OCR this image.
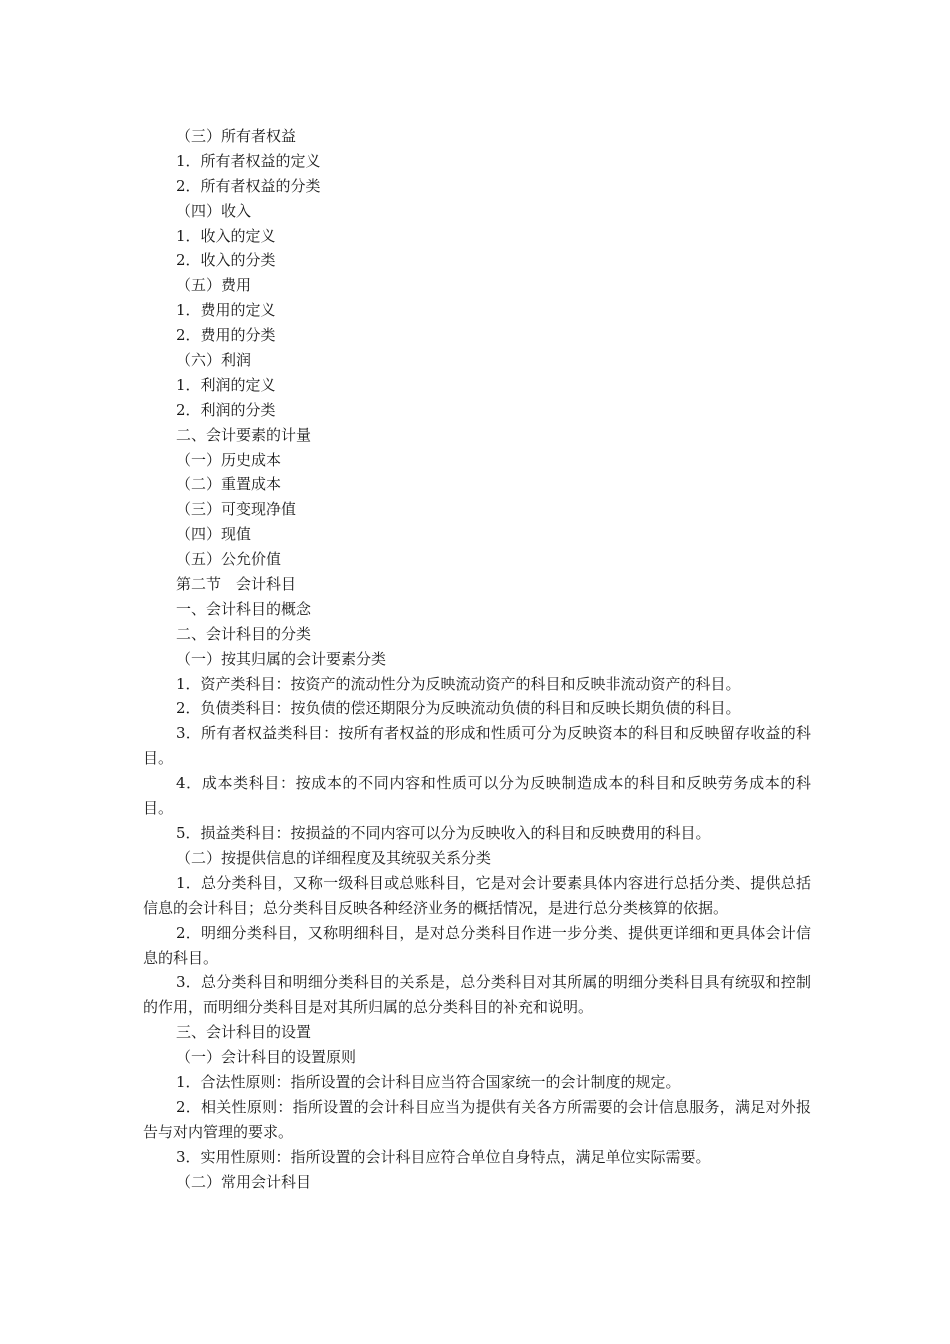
（三）所有者权益
1．所有者权益的定义
2．所有者权益的分类
（四）收入
1．收入的定义
2．收入的分类
（五）费用
1．费用的定义
2．费用的分类
（六）利润
1．利润的定义
2．利润的分类
二、会计要素的计量
（一）历史成本
（二）重置成本
（三）可变现净值
（四）现值
（五）公允价值
第二节　会计科目
一、会计科目的概念
二、会计科目的分类
（一）按其归属的会计要素分类
1．资产类科目：按资产的流动性分为反映流动资产的科目和反映非流动资产的科目。
2．负债类科目：按负债的偿还期限分为反映流动负债的科目和反映长期负债的科目。
3．所有者权益类科目：按所有者权益的形成和性质可分为反映资本的科目和反映留存收益的科目。
4．成本类科目：按成本的不同内容和性质可以分为反映制造成本的科目和反映劳务成本的科目。
5．损益类科目：按损益的不同内容可以分为反映收入的科目和反映费用的科目。
（二）按提供信息的详细程度及其统驭关系分类
1．总分类科目，又称一级科目或总账科目，它是对会计要素具体内容进行总括分类、提供总括信息的会计科目；总分类科目反映各种经济业务的概括情况，是进行总分类核算的依据。
2．明细分类科目，又称明细科目，是对总分类科目作进一步分类、提供更详细和更具体会计信息的科目。
3．总分类科目和明细分类科目的关系是，总分类科目对其所属的明细分类科目具有统驭和控制的作用，而明细分类科目是对其所归属的总分类科目的补充和说明。
三、会计科目的设置
（一）会计科目的设置原则
1．合法性原则：指所设置的会计科目应当符合国家统一的会计制度的规定。
2．相关性原则：指所设置的会计科目应当为提供有关各方所需要的会计信息服务，满足对外报告与对内管理的要求。
3．实用性原则：指所设置的会计科目应符合单位自身特点，满足单位实际需要。
（二）常用会计科目
